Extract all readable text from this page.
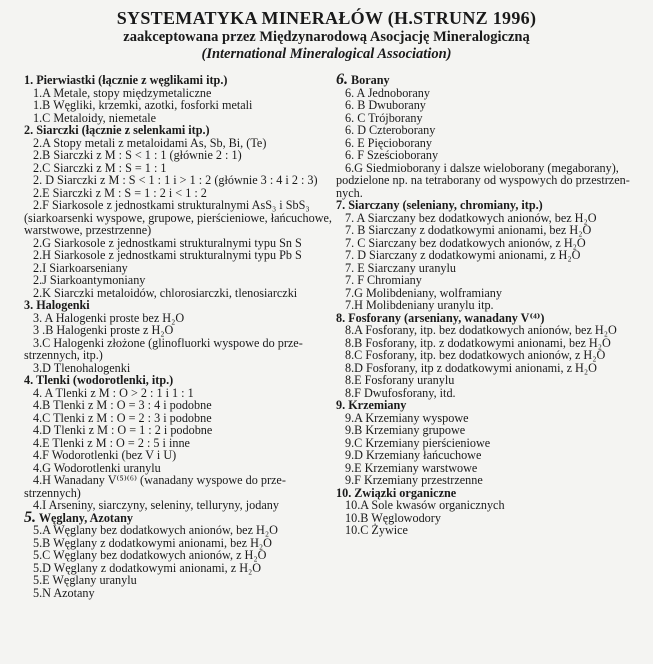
SYSTEMATYKA MINERAŁÓW (H.STRUNZ 1996)
zaakceptowana przez Międzynarodową Asocjację Mineralogiczną
(International Mineralogical Association)
1. Pierwiastki (łącznie z węglikami itp.)
1.A Metale, stopy międzymetaliczne
1.B Węgliki, krzemki, azotki, fosforki metali
1.C Metaloidy, niemetale
2. Siarczki (łącznie z selenkami itp.)
2.A Stopy metali z metaloidami As, Sb, Bi, (Te)
2.B Siarczki z M : S < 1 : 1 (głównie 2 : 1)
2.C Siarczki z M : S = 1 : 1
2. D Siarczki z M : S < 1 : 1 i > 1 : 2 (głównie 3 : 4 i 2 : 3)
2.E Siarczki z M : S = 1 : 2 i < 1 : 2
2.F Siarkosole z jednostkami strukturalnymi AsS₃ i SbS₃
(siarkoarsenki wyspowe, grupowe, pierścieniowe, łańcuchowe,
warstwowe, przestrzenne)
2.G Siarkosole z jednostkami strukturalnymi typu Sn S
2.H Siarkosole z jednostkami strukturalnymi typu Pb S
2.I Siarkoarseniany
2.J Siarkoantymoniany
2.K Siarczki metaloidów, chlorosiarczki, tlenosiarczki
3. Halogenki
3. A Halogenki proste bez H₂O
3 .B Halogenki proste z H₂O
3.C Halogenki złożone (glinofluorki wyspowe do prze-
strzennych, itp.)
3.D Tlenohalogenki
4. Tlenki (wodorotlenki, itp.)
4. A Tlenki z M : O > 2 : 1 i 1 : 1
4.B Tlenki z M : O = 3 : 4 i podobne
4.C Tlenki z M : O = 2 : 3 i podobne
4.D Tlenki z M : O = 1 : 2 i podobne
4.E Tlenki z M : O = 2 : 5 i inne
4.F Wodorotlenki (bez V i U)
4.G Wodorotlenki uranylu
4.H Wanadany V⁽⁵⁾⁽⁶⁾ (wanadany wyspowe do prze-
strzennych)
4.I Arseniny, siarczyny, seleniny, telluryny, jodany
5. Węglany, Azotany
5.A Węglany bez dodatkowych anionów, bez H₂O
5.B Węglany z dodatkowymi anionami, bez H₂O
5.C Węglany bez dodatkowych anionów, z H₂O
5.D Węglany z dodatkowymi anionami, z H₂O
5.E Węglany uranylu
5.N Azotany
6. Borany
6. A Jednoborany
6. B Dwuborany
6. C Trójborany
6. D Czteroborany
6. E Pięcioborany
6. F Sześcioborany
6.G Siedmioborany i dalsze wieloborany (megaborany),
podzielone np. na tetraborany od wyspowych do przestrzen-
nych.
7. Siarczany (seleniany, chromiany, itp.)
7. A Siarczany bez dodatkowych anionów, bez H₂O
7. B Siarczany z dodatkowymi anionami, bez H₂O
7. C Siarczany bez dodatkowych anionów, z H₂O
7. D Siarczany z dodatkowymi anionami, z H₂O
7. E Siarczany uranylu
7. F Chromiany
7.G Molibdeniany, wolframiany
7.H Molibdeniany uranylu itp.
8. Fosforany (arseniany, wanadany V⁽⁴⁾)
8.A Fosforany, itp. bez dodatkowych anionów, bez H₂O
8.B Fosforany, itp. z dodatkowymi anionami, bez H₂O
8.C Fosforany, itp. bez dodatkowych anionów, z H₂O
8.D Fosforany, itp z dodatkowymi anionami, z H₂O
8.E Fosforany uranylu
8.F Dwufosforany, itd.
9. Krzemiany
9.A Krzemiany wyspowe
9.B Krzemiany grupowe
9.C Krzemiany pierścieniowe
9.D Krzemiany łańcuchowe
9.E Krzemiany warstwowe
9.F Krzemiany przestrzenne
10. Związki organiczne
10.A Sole kwasów organicznych
10.B Węglowodory
10.C Żywice
